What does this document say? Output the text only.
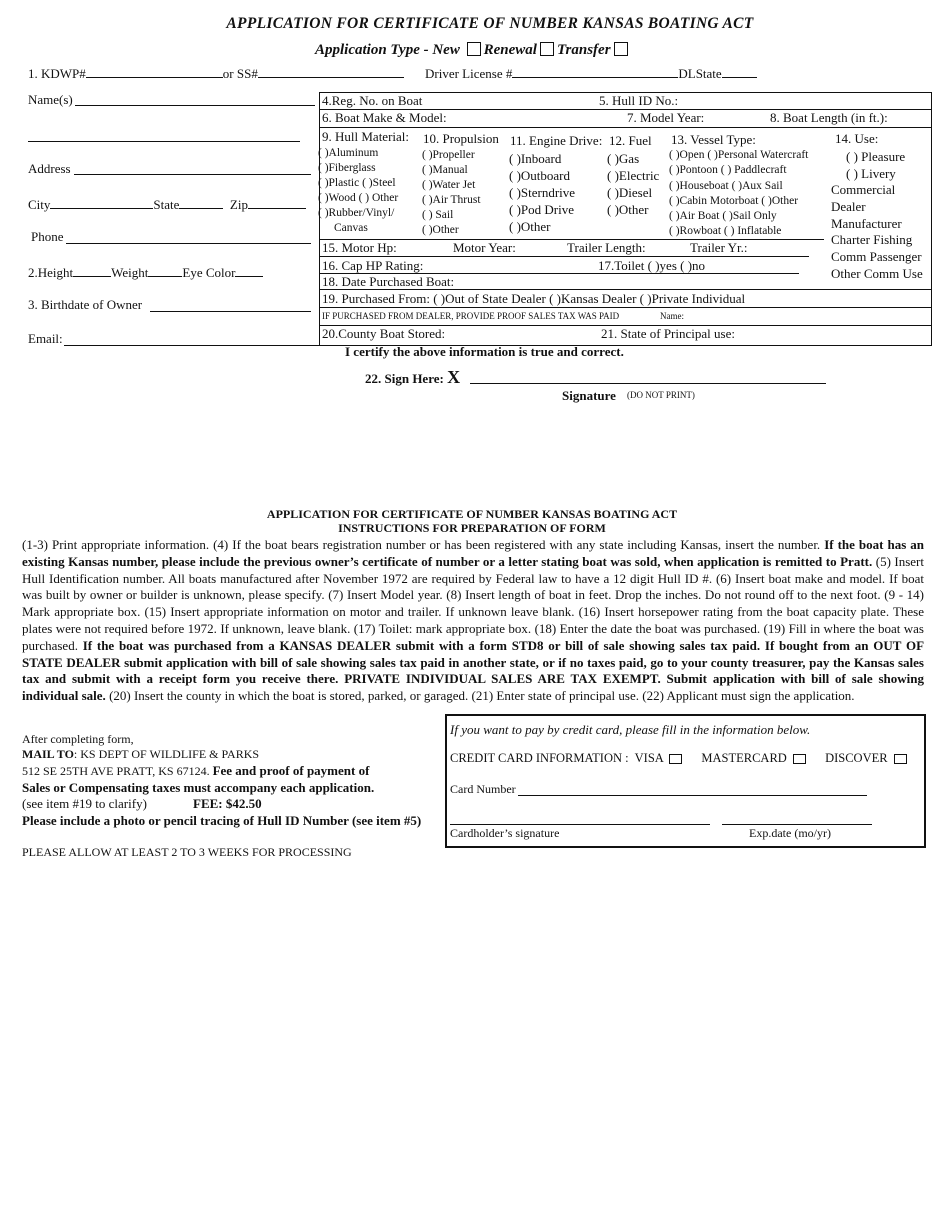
APPLICATION FOR CERTIFICATE OF NUMBER KANSAS BOATING ACT
Application Type - New Renewal Transfer
1. KDWP#	or SS#	Driver License #	DLState
Name(s)
Address
City	State	Zip
Phone
2.Height	Weight	Eye Color
3. Birthdate of Owner
Email:
4.Reg. No. on Boat	5. Hull ID No.:
6. Boat Make & Model:	7. Model Year:	8. Boat Length (in ft.):
9. Hull Material:
( )Aluminum
( )Fiberglass
( )Plastic ( )Steel
( )Wood ( ) Other
( )Rubber/Vinyl/
Canvas
10. Propulsion
( )Propeller
( )Manual
( )Water Jet
( )Air Thrust
( ) Sail
( )Other
11. Engine Drive:
( )Inboard
( )Outboard
( )Sterndrive
( )Pod Drive
( )Other
12. Fuel
( )Gas
( )Electric
( )Diesel
( )Other
13. Vessel Type:
( )Open ( )Personal Watercraft
( )Pontoon ( ) Paddlecraft
( )Houseboat ( )Aux Sail
( )Cabin Motorboat ( )Other
( )Air Boat ( )Sail Only
( )Rowboat ( ) Inflatable
14. Use:
( ) Pleasure
( ) Livery
Commercial
Dealer
Manufacturer
Charter Fishing
Comm Passenger
Other Comm Use
15. Motor Hp:	Motor Year:	Trailer Length:	Trailer Yr.:
16. Cap HP Rating:	17.Toilet ( )yes ( )no
18. Date Purchased Boat:
19. Purchased From: ( )Out of State Dealer ( )Kansas Dealer ( )Private Individual
IF PURCHASED FROM DEALER, PROVIDE PROOF SALES TAX WAS PAID	Name:
20.County Boat Stored:	21. State of Principal use:
I certify the above information is true and correct.
22. Sign Here: X
Signature (DO NOT PRINT)
APPLICATION FOR CERTIFICATE OF NUMBER KANSAS BOATING ACT
INSTRUCTIONS FOR PREPARATION OF FORM
(1-3) Print appropriate information. (4) If the boat bears registration number or has been registered with any state including Kansas, insert the number. If the boat has an existing Kansas number, please include the previous owner’s certificate of number or a letter stating boat was sold, when application is remitted to Pratt. (5) Insert Hull Identification number. All boats manufactured after November 1972 are required by Federal law to have a 12 digit Hull ID #. (6) Insert boat make and model. If boat was built by owner or builder is unknown, please specify. (7) Insert Model year. (8) Insert length of boat in feet. Drop the inches. Do not round off to the next foot. (9 - 14) Mark appropriate box. (15) Insert appropriate information on motor and trailer. If unknown leave blank. (16) Insert horsepower rating from the boat capacity plate. These plates were not required before 1972. If unknown, leave blank. (17) Toilet: mark appropriate box. (18) Enter the date the boat was purchased. (19) Fill in where the boat was purchased. If the boat was purchased from a KANSAS DEALER submit with a form STD8 or bill of sale showing sales tax paid. If bought from an OUT OF STATE DEALER submit application with bill of sale showing sales tax paid in another state, or if no taxes paid, go to your county treasurer, pay the Kansas sales tax and submit with a receipt form you receive there. PRIVATE INDIVIDUAL SALES ARE TAX EXEMPT. Submit application with bill of sale showing individual sale. (20) Insert the county in which the boat is stored, parked, or garaged. (21) Enter state of principal use. (22) Applicant must sign the application.
After completing form,
MAIL TO: KS DEPT OF WILDLIFE & PARKS
512 SE 25TH AVE PRATT, KS 67124. Fee and proof of payment of
Sales or Compensating taxes must accompany each application.
(see item #19 to clarify)	FEE: $42.50
Please include a photo or pencil tracing of Hull ID Number (see item #5)
PLEASE ALLOW AT LEAST 2 TO 3 WEEKS FOR PROCESSING
If you want to pay by credit card, please fill in the information below.
CREDIT CARD INFORMATION : VISA	MASTERCARD	DISCOVER
Card Number
Cardholder’s signature	Exp.date (mo/yr)
